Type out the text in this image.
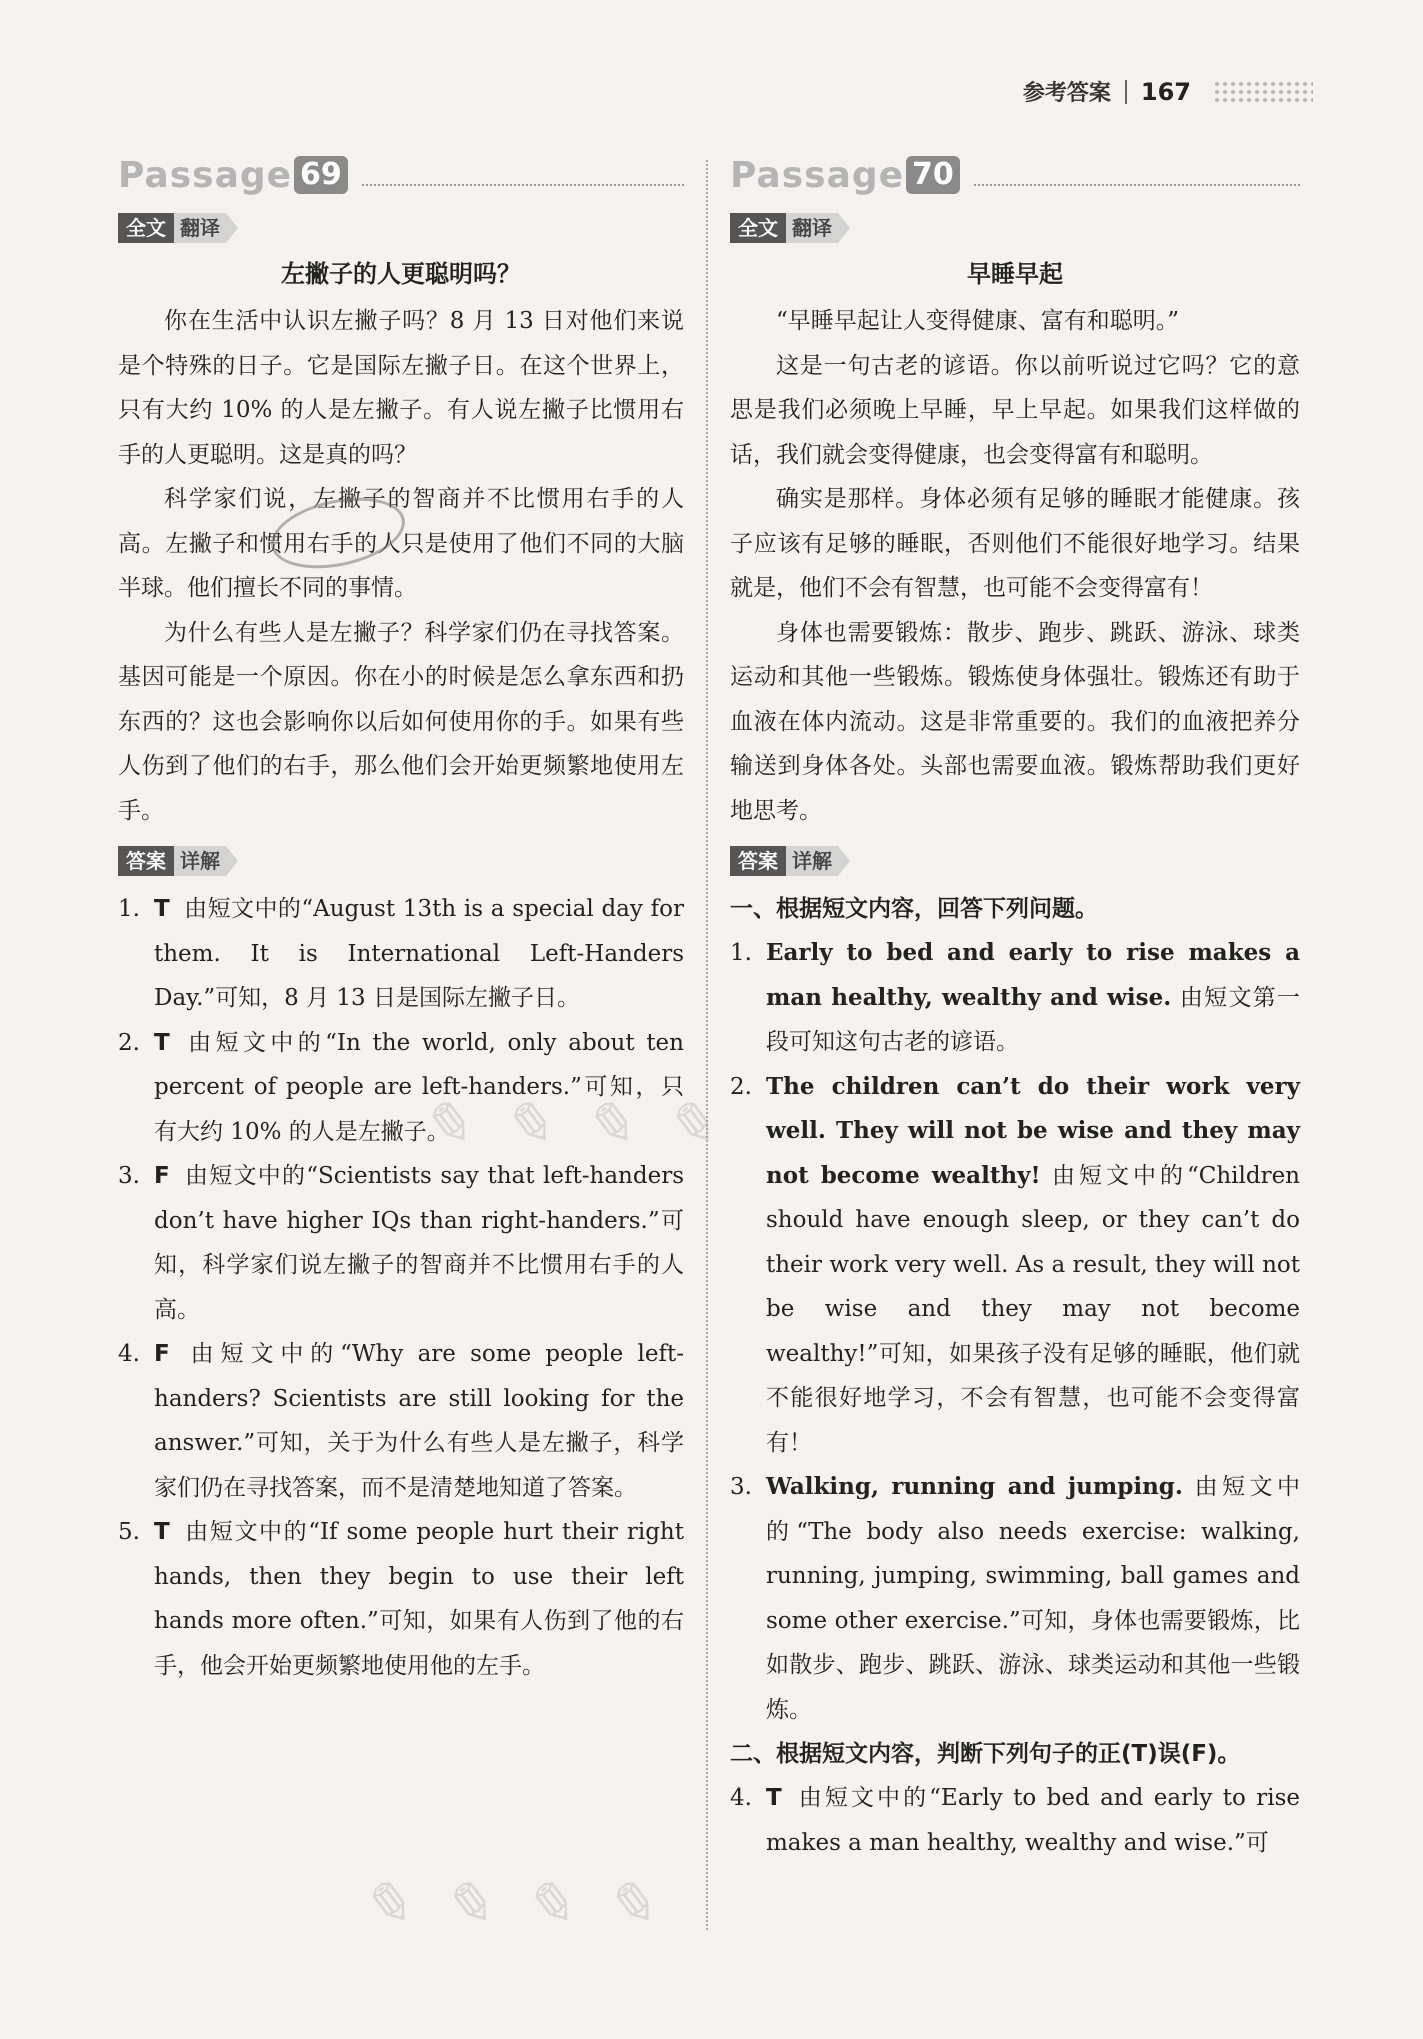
参考答案 167
Passage 69
全文 翻译
左撇子的人更聪明吗？

你在生活中认识左撇子吗？8 月 13 日对他们来说是个特殊的日子。它是国际左撇子日。在这个世界上，只有大约 10% 的人是左撇子。有人说左撇子比惯用右手的人更聪明。这是真的吗？

科学家们说，左撇子的智商并不比惯用右手的人高。左撇子和惯用右手的人只是使用了他们不同的大脑半球。他们擅长不同的事情。

为什么有些人是左撇子？科学家们仍在寻找答案。基因可能是一个原因。你在小的时候是怎么拿东西和扔东西的？这也会影响你以后如何使用你的手。如果有些人伤到了他们的右手，那么他们会开始更频繁地使用左手。

答案 详解
1. T 由短文中的“August 13th is a special day for them. It is International Left-Handers Day.”可知，8 月 13 日是国际左撇子日。
2. T 由短文中的“In the world, only about ten percent of people are left-handers.”可知，只有大约 10% 的人是左撇子。
3. F 由短文中的“Scientists say that left-handers don’t have higher IQs than right-handers.”可知，科学家们说左撇子的智商并不比惯用右手的人高。
4. F 由短文中的“Why are some people left-handers? Scientists are still looking for the answer.”可知，关于为什么有些人是左撇子，科学家们仍在寻找答案，而不是清楚地知道了答案。
5. T 由短文中的“If some people hurt their right hands, then they begin to use their left hands more often.”可知，如果有人伤到了他的右手，他会开始更频繁地使用他的左手。
Passage 70
全文 翻译
早睡早起

“早睡早起让人变得健康、富有和聪明。”

这是一句古老的谚语。你以前听说过它吗？它的意思是我们必须晚上早睡，早上早起。如果我们这样做的话，我们就会变得健康，也会变得富有和聪明。

确实是那样。身体必须有足够的睡眠才能健康。孩子应该有足够的睡眠，否则他们不能很好地学习。结果就是，他们不会有智慧，也可能不会变得富有！

身体也需要锻炼：散步、跑步、跳跃、游泳、球类运动和其他一些锻炼。锻炼使身体强壮。锻炼还有助于血液在体内流动。这是非常重要的。我们的血液把养分输送到身体各处。头部也需要血液。锻炼帮助我们更好地思考。

答案 详解

一、根据短文内容，回答下列问题。

1. Early to bed and early to rise makes a man healthy, wealthy and wise. 由短文第一段可知这句古老的谚语。
2. The children can’t do their work very well. They will not be wise and they may not become wealthy! 由短文中的“Children should have enough sleep, or they can’t do their work very well. As a result, they will not be wise and they may not become wealthy!”可知，如果孩子没有足够的睡眠，他们就不能很好地学习，不会有智慧，也可能不会变得富有！
3. Walking, running and jumping. 由短文中的“The body also needs exercise: walking, running, jumping, swimming, ball games and some other exercise.”可知，身体也需要锻炼，比如散步、跑步、跳跃、游泳、球类运动和其他一些锻炼。

二、根据短文内容，判断下列句子的正(T)误(F)。

4. T 由短文中的“Early to bed and early to rise makes a man healthy, wealthy and wise.”可
✎ ✎ ✎ ✎
✎ ✎ ✎ ✎
